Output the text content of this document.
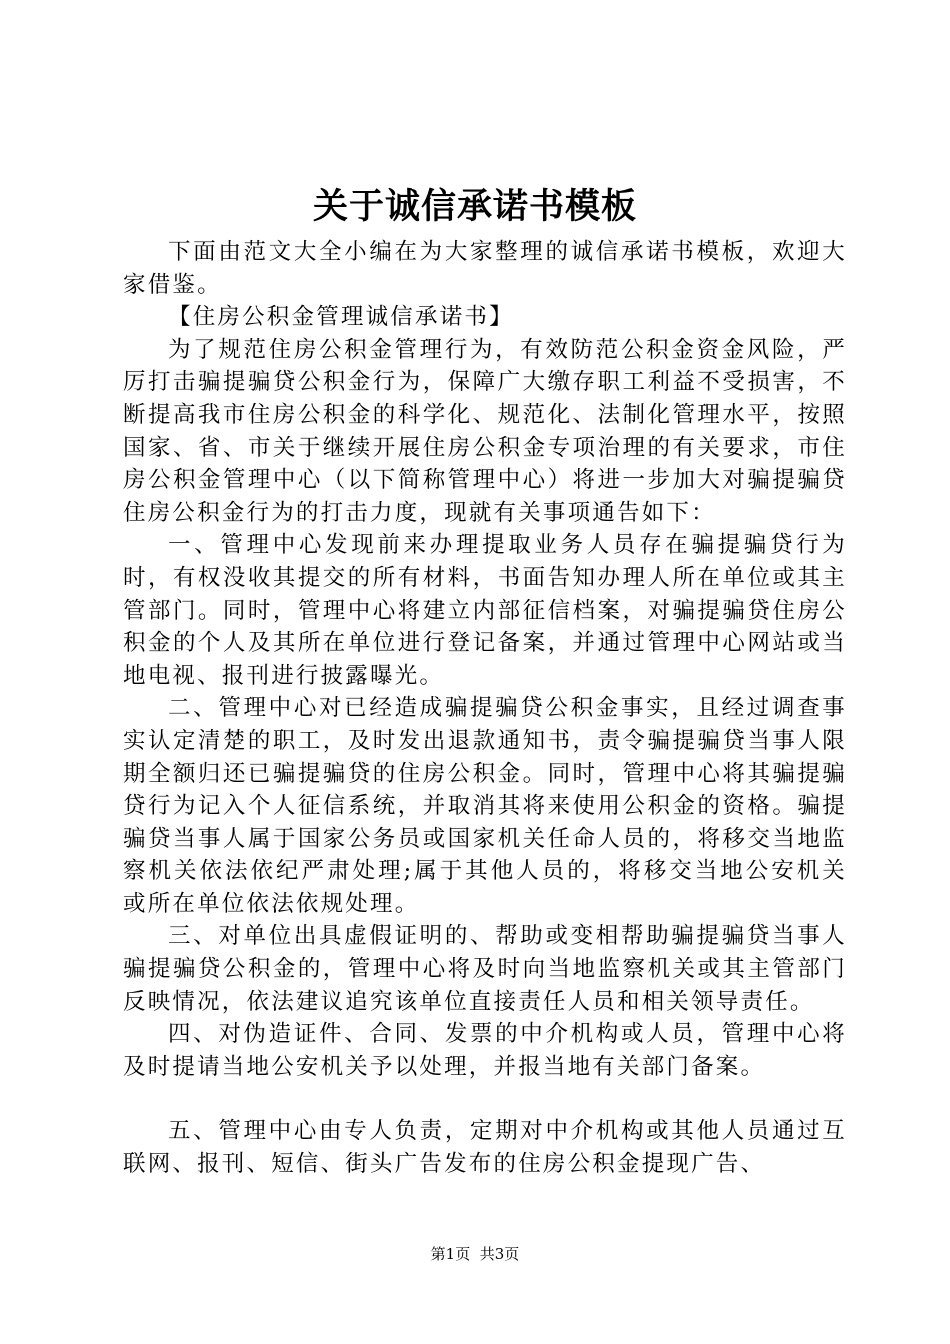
关于诚信承诺书模板

下面由范文大全小编在为大家整理的诚信承诺书模板，欢迎大家借鉴。

【住房公积金管理诚信承诺书】

为了规范住房公积金管理行为，有效防范公积金资金风险，严厉打击骗提骗贷公积金行为，保障广大缴存职工利益不受损害，不断提高我市住房公积金的科学化、规范化、法制化管理水平，按照国家、省、市关于继续开展住房公积金专项治理的有关要求，市住房公积金管理中心（以下简称管理中心）将进一步加大对骗提骗贷住房公积金行为的打击力度，现就有关事项通告如下：

一、管理中心发现前来办理提取业务人员存在骗提骗贷行为时，有权没收其提交的所有材料，书面告知办理人所在单位或其主管部门。同时，管理中心将建立内部征信档案，对骗提骗贷住房公积金的个人及其所在单位进行登记备案，并通过管理中心网站或当地电视、报刊进行披露曝光。

二、管理中心对已经造成骗提骗贷公积金事实，且经过调查事实认定清楚的职工，及时发出退款通知书，责令骗提骗贷当事人限期全额归还已骗提骗贷的住房公积金。同时，管理中心将其骗提骗贷行为记入个人征信系统，并取消其将来使用公积金的资格。骗提骗贷当事人属于国家公务员或国家机关任命人员的，将移交当地监察机关依法依纪严肃处理;属于其他人员的，将移交当地公安机关或所在单位依法依规处理。

三、对单位出具虚假证明的、帮助或变相帮助骗提骗贷当事人骗提骗贷公积金的，管理中心将及时向当地监察机关或其主管部门反映情况，依法建议追究该单位直接责任人员和相关领导责任。

四、对伪造证件、合同、发票的中介机构或人员，管理中心将及时提请当地公安机关予以处理，并报当地有关部门备案。

五、管理中心由专人负责，定期对中介机构或其他人员通过互联网、报刊、短信、街头广告发布的住房公积金提现广告、

第1页 共3页
